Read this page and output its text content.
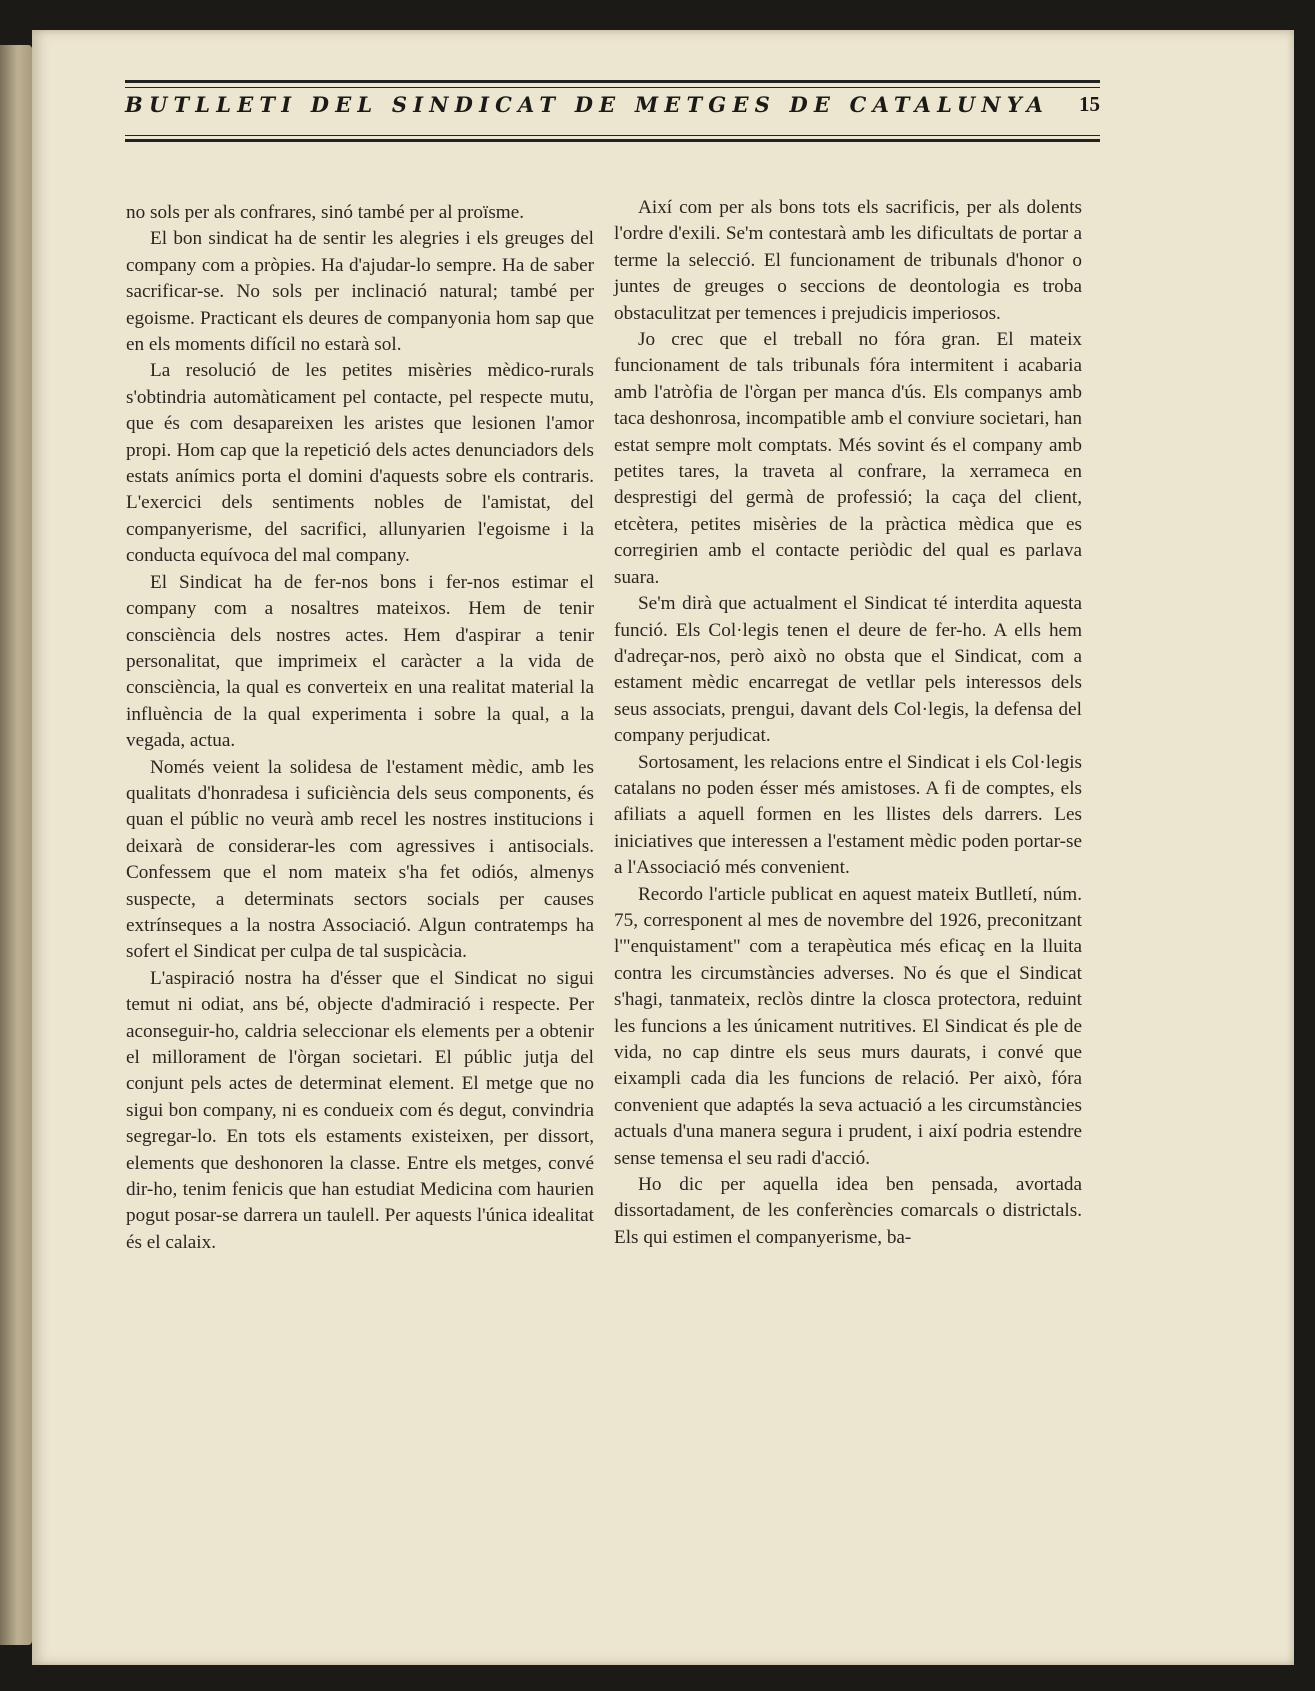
BUTLLETI DEL SINDICAT DE METGES DE CATALUNYA 15

no sols per als confrares, sinó també per al proïsme.

El bon sindicat ha de sentir les alegries i els greuges del company com a pròpies. Ha d'ajudar-lo sempre. Ha de saber sacrificar-se. No sols per inclinació natural; també per egoisme. Practicant els deures de companyonia hom sap que en els moments difícil no estarà sol.

La resolució de les petites misèries mèdico-rurals s'obtindria automàticament pel contacte, pel respecte mutu, que és com desapareixen les aristes que lesionen l'amor propi. Hom cap que la repetició dels actes denunciadors dels estats anímics porta el domini d'aquests sobre els contraris. L'exercici dels sentiments nobles de l'amistat, del companyerisme, del sacrifici, allunyarien l'egoisme i la conducta equívoca del mal company.

El Sindicat ha de fer-nos bons i fer-nos estimar el company com a nosaltres mateixos. Hem de tenir consciència dels nostres actes. Hem d'aspirar a tenir personalitat, que imprimeix el caràcter a la vida de consciència, la qual es converteix en una realitat material la influència de la qual experimenta i sobre la qual, a la vegada, actua.

Només veient la solidesa de l'estament mèdic, amb les qualitats d'honradesa i suficiència dels seus components, és quan el públic no veurà amb recel les nostres institucions i deixarà de considerar-les com agressives i antisocials. Confessem que el nom mateix s'ha fet odiós, almenys suspecte, a determinats sectors socials per causes extrínseques a la nostra Associació. Algun contratemps ha sofert el Sindicat per culpa de tal suspicàcia.

L'aspiració nostra ha d'ésser que el Sindicat no sigui temut ni odiat, ans bé, objecte d'admiració i respecte. Per aconseguir-ho, caldria seleccionar els elements per a obtenir el millorament de l'òrgan societari. El públic jutja del conjunt pels actes de determinat element. El metge que no sigui bon company, ni es condueix com és degut, convindria segregar-lo. En tots els estaments existeixen, per dissort, elements que deshonoren la classe. Entre els metges, convé dir-ho, tenim fenicis que han estudiat Medicina com haurien pogut posar-se darrera un taulell. Per aquests l'única idealitat és el calaix.

Així com per als bons tots els sacrificis, per als dolents l'ordre d'exili. Se'm contestarà amb les dificultats de portar a terme la selecció. El funcionament de tribunals d'honor o juntes de greuges o seccions de deontologia es troba obstaculitzat per temences i prejudicis imperiosos.

Jo crec que el treball no fóra gran. El mateix funcionament de tals tribunals fóra intermitent i acabaria amb l'atròfia de l'òrgan per manca d'ús. Els companys amb taca deshonrosa, incompatible amb el conviure societari, han estat sempre molt comptats. Més sovint és el company amb petites tares, la traveta al confrare, la xerrameca en desprestigi del germà de professió; la caça del client, etcètera, petites misèries de la pràctica mèdica que es corregirien amb el contacte periòdic del qual es parlava suara.

Se'm dirà que actualment el Sindicat té interdita aquesta funció. Els Col·legis tenen el deure de fer-ho. A ells hem d'adreçar-nos, però això no obsta que el Sindicat, com a estament mèdic encarregat de vetllar pels interessos dels seus associats, prengui, davant dels Col·legis, la defensa del company perjudicat.

Sortosament, les relacions entre el Sindicat i els Col·legis catalans no poden ésser més amistoses. A fi de comptes, els afiliats a aquell formen en les llistes dels darrers. Les iniciatives que interessen a l'estament mèdic poden portar-se a l'Associació més convenient.

Recordo l'article publicat en aquest mateix Butlletí, núm. 75, corresponent al mes de novembre del 1926, preconitzant l'"enquistament" com a terapèutica més eficaç en la lluita contra les circumstàncies adverses. No és que el Sindicat s'hagi, tanmateix, reclòs dintre la closca protectora, reduint les funcions a les únicament nutritives. El Sindicat és ple de vida, no cap dintre els seus murs daurats, i convé que eixampli cada dia les funcions de relació. Per això, fóra convenient que adaptés la seva actuació a les circumstàncies actuals d'una manera segura i prudent, i així podria estendre sense temensa el seu radi d'acció.

Ho dic per aquella idea ben pensada, avortada dissortadament, de les conferències comarcals o districtals. Els qui estimen el companyerisme, ba-
